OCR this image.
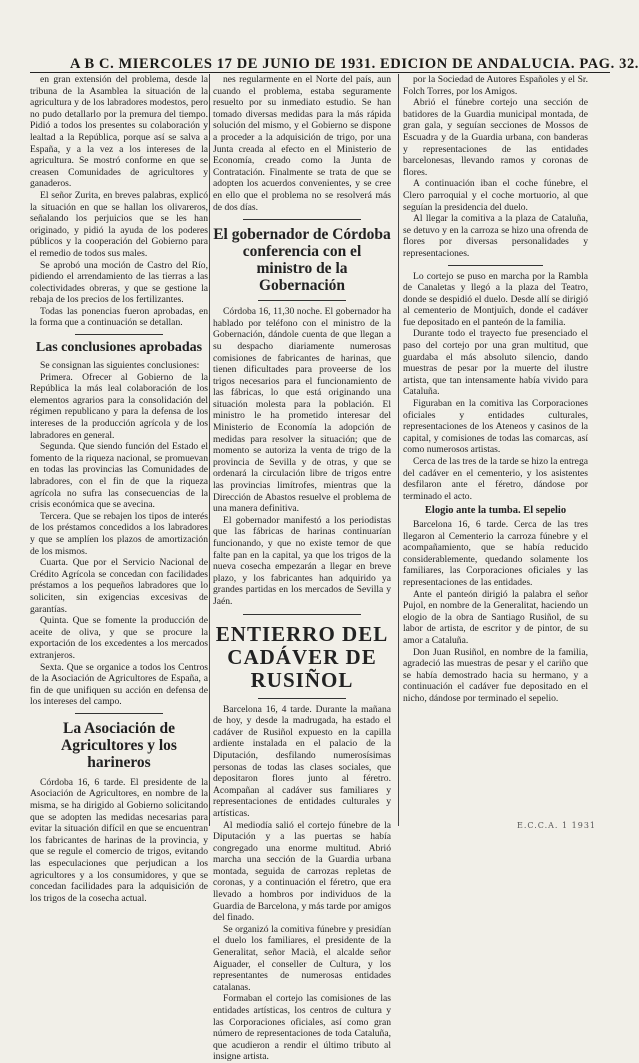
A B C. MIERCOLES 17 DE JUNIO DE 1931. EDICION DE ANDALUCIA. PAG. 32.

en gran extensión del problema, desde la tribuna de la Asamblea la situación de la agricultura y de los labradores modestos, pero no pudo detallarlo por la premura del tiempo. Pidió a todos los presentes su colaboración y lealtad a la República, porque así se salva a España, y a la vez a los intereses de la agricultura. Se mostró conforme en que se creasen Comunidades de agricultores y ganaderos.

El señor Zurita, en breves palabras, explicó la situación en que se hallan los olivareros, señalando los perjuicios que se les han originado, y pidió la ayuda de los poderes públicos y la cooperación del Gobierno para el remedio de todos sus males.

Se aprobó una moción de Castro del Río, pidiendo el arrendamiento de las tierras a las colectividades obreras, y que se gestione la rebaja de los precios de los fertilizantes.

Todas las ponencias fueron aprobadas, en la forma que a continuación se detallan.

Las conclusiones aprobadas

Se consignan las siguientes conclusiones:

Primera. Ofrecer al Gobierno de la República la más leal colaboración de los elementos agrarios para la consolidación del régimen republicano y para la defensa de los intereses de la producción agrícola y de los labradores en general.

Segunda. Que siendo función del Estado el fomento de la riqueza nacional, se promuevan en todas las provincias las Comunidades de labradores, con el fin de que la riqueza agrícola no sufra las consecuencias de la crisis económica que se avecina.

Tercera. Que se rebajen los tipos de interés de los préstamos concedidos a los labradores y que se amplíen los plazos de amortización de los mismos.

Cuarta. Que por el Servicio Nacional de Crédito Agrícola se concedan con facilidades préstamos a los pequeños labradores que lo soliciten, sin exigencias excesivas de garantías.

Quinta. Que se fomente la producción de aceite de oliva, y que se procure la exportación de los excedentes a los mercados extranjeros.

Sexta. Que se organice a todos los Centros de la Asociación de Agricultores de España, a fin de que unifiquen su acción en defensa de los intereses del campo.

La Asociación de Agricultores y los harineros

Córdoba 16, 6 tarde. El presidente de la Asociación de Agricultores, en nombre de la misma, se ha dirigido al Gobierno solicitando que se adopten las medidas necesarias para evitar la situación difícil en que se encuentran los fabricantes de harinas de la provincia, y que se regule el comercio de trigos, evitando las especulaciones que perjudican a los agricultores y a los consumidores, y que se concedan facilidades para la adquisición de los trigos de la cosecha actual.

nes regularmente en el Norte del país, aun cuando el problema, estaba seguramente resuelto por su inmediato estudio. Se han tomado diversas medidas para la más rápida solución del mismo, y el Gobierno se dispone a proceder a la adquisición de trigo, por una Junta creada al efecto en el Ministerio de Economía, creado como la Junta de Contratación. Finalmente se trata de que se adopten los acuerdos convenientes, y se cree en ello que el problema no se resolverá más de dos días.

El gobernador de Córdoba conferencia con el ministro de la Gobernación

Córdoba 16, 11,30 noche. El gobernador ha hablado por teléfono con el ministro de la Gobernación, dándole cuenta de que llegan a su despacho diariamente numerosas comisiones de fabricantes de harinas, que tienen dificultades para proveerse de los trigos necesarios para el funcionamiento de las fábricas, lo que está originando una situación molesta para la población. El ministro le ha prometido interesar del Ministerio de Economía la adopción de medidas para resolver la situación; que de momento se autoriza la venta de trigo de la provincia de Sevilla y de otras, y que se ordenará la circulación libre de trigos entre las provincias limítrofes, mientras que la Dirección de Abastos resuelve el problema de una manera definitiva.

El gobernador manifestó a los periodistas que las fábricas de harinas continuarían funcionando, y que no existe temor de que falte pan en la capital, ya que los trigos de la nueva cosecha empezarán a llegar en breve plazo, y los fabricantes han adquirido ya grandes partidas en los mercados de Sevilla y Jaén.

ENTIERRO DEL CADÁVER DE RUSIÑOL

Barcelona 16, 4 tarde. Durante la mañana de hoy, y desde la madrugada, ha estado el cadáver de Rusiñol expuesto en la capilla ardiente instalada en el palacio de la Diputación, desfilando numerosísimas personas de todas las clases sociales, que depositaron flores junto al féretro. Acompañan al cadáver sus familiares y representaciones de entidades culturales y artísticas.

Al mediodía salió el cortejo fúnebre de la Diputación y a las puertas se había congregado una enorme multitud. Abrió marcha una sección de la Guardia urbana montada, seguida de carrozas repletas de coronas, y a continuación el féretro, que era llevado a hombros por individuos de la Guardia de Barcelona, y más tarde por amigos del finado.

Se organizó la comitiva fúnebre y presidían el duelo los familiares, el presidente de la Generalitat, señor Macià, el alcalde señor Aiguader, el conseller de Cultura, y los representantes de numerosas entidades catalanas.

Formaban el cortejo las comisiones de las entidades artísticas, los centros de cultura y las Corporaciones oficiales, así como gran número de representaciones de toda Cataluña, que acudieron a rendir el último tributo al insigne artista.

por la Sociedad de Autores Españoles y el Sr. Folch Torres, por los Amigos.

Abrió el fúnebre cortejo una sección de batidores de la Guardia municipal montada, de gran gala, y seguían secciones de Mossos de Escuadra y de la Guardia urbana, con banderas y representaciones de las entidades barcelonesas, llevando ramos y coronas de flores.

A continuación iban el coche fúnebre, el Clero parroquial y el coche mortuorio, al que seguían la presidencia del duelo.

Al llegar la comitiva a la plaza de Cataluña, se detuvo y en la carroza se hizo una ofrenda de flores por diversas personalidades y representaciones.

Lo cortejo se puso en marcha por la Rambla de Canaletas y llegó a la plaza del Teatro, donde se despidió el duelo. Desde allí se dirigió al cementerio de Montjuïch, donde el cadáver fue depositado en el panteón de la familia.

Durante todo el trayecto fue presenciado el paso del cortejo por una gran multitud, que guardaba el más absoluto silencio, dando muestras de pesar por la muerte del ilustre artista, que tan intensamente había vivido para Cataluña.

Figuraban en la comitiva las Corporaciones oficiales y entidades culturales, representaciones de los Ateneos y casinos de la capital, y comisiones de todas las comarcas, así como numerosos artistas.

Cerca de las tres de la tarde se hizo la entrega del cadáver en el cementerio, y los asistentes desfilaron ante el féretro, dándose por terminado el acto.

Elogio ante la tumba. El sepelio

Barcelona 16, 6 tarde. Cerca de las tres llegaron al Cementerio la carroza fúnebre y el acompañamiento, que se había reducido considerablemente, quedando solamente los familiares, las Corporaciones oficiales y las representaciones de las entidades.

Ante el panteón dirigió la palabra el señor Pujol, en nombre de la Generalitat, haciendo un elogio de la obra de Santiago Rusiñol, de su labor de artista, de escritor y de pintor, de su amor a Cataluña.

Don Juan Rusiñol, en nombre de la familia, agradeció las muestras de pesar y el cariño que se había demostrado hacia su hermano, y a continuación el cadáver fue depositado en el nicho, dándose por terminado el sepelio.

E.C.C.A. 1 1931
